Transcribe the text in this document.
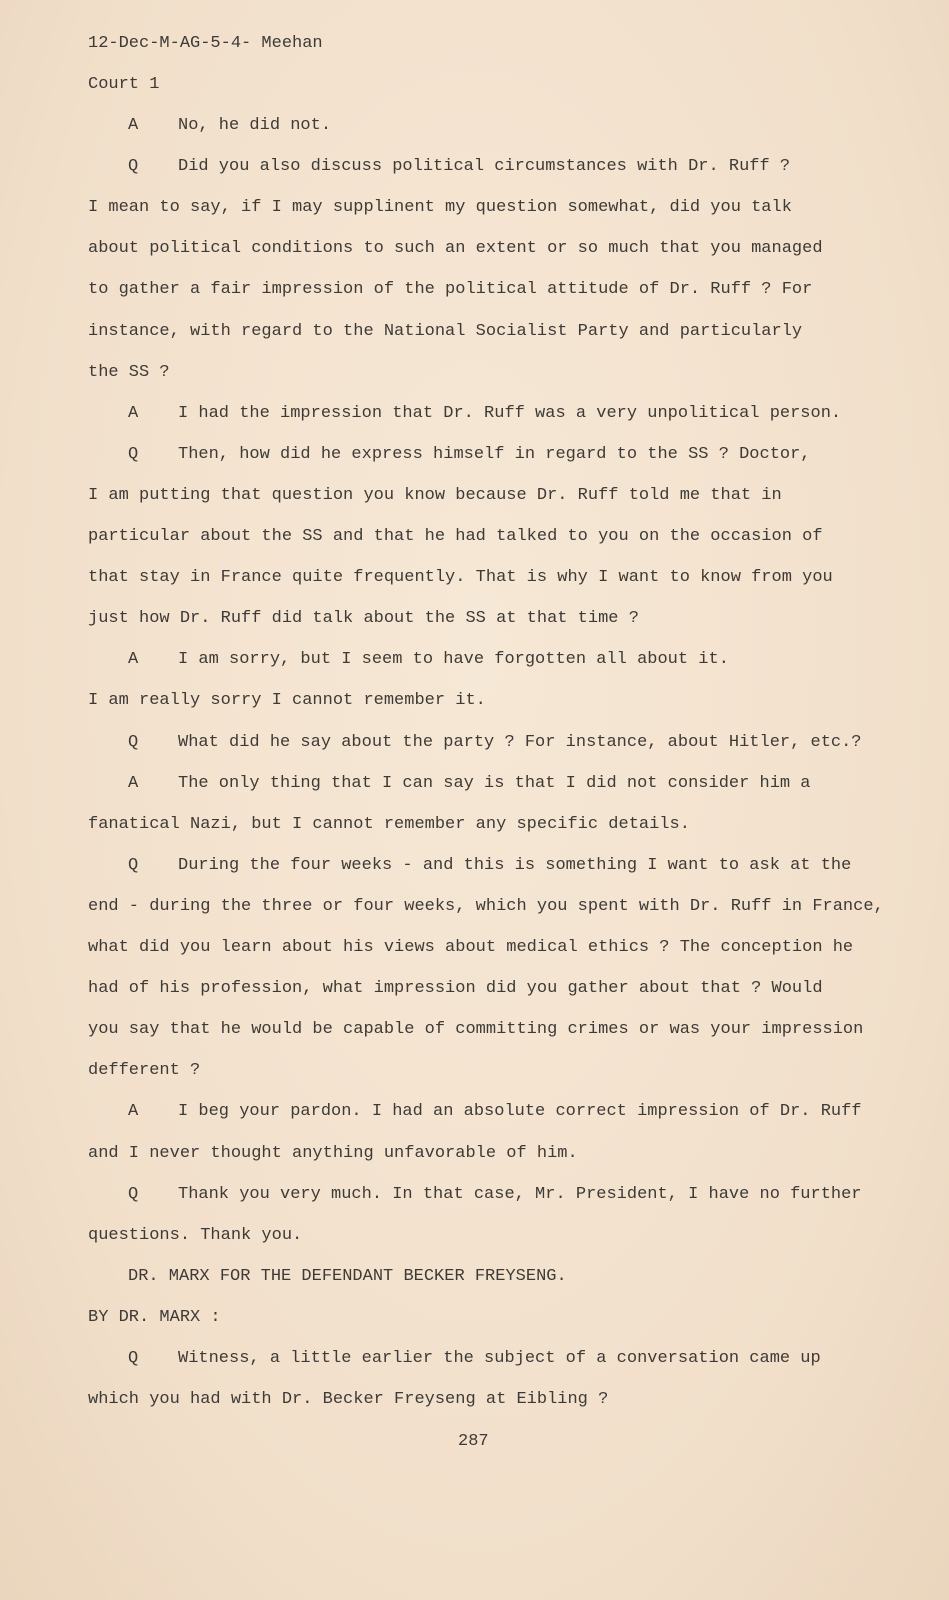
12-Dec-M-AG-5-4- Meehan
Court 1
A No, he did not.
Q Did you also discuss political circumstances with Dr. Ruff ?
I mean to say, if I may supplinent my question somewhat, did you talk
about political conditions to such an extent or so much that you managed
to gather a fair impression of the political attitude of Dr. Ruff ? For
instance, with regard to the National Socialist Party and particularly
the SS ?
A I had the impression that Dr. Ruff was a very unpolitical person.
Q Then, how did he express himself in regard to the SS ? Doctor,
I am putting that question you know because Dr. Ruff told me that in
particular about the SS and that he had talked to you on the occasion of
that stay in France quite frequently. That is why I want to know from you
just how Dr. Ruff did talk about the SS at that time ?
A I am sorry, but I seem to have forgotten all about it.
I am really sorry I cannot remember it.
Q What did he say about the party ? For instance, about Hitler, etc.?
A The only thing that I can say is that I did not consider him a
fanatical Nazi, but I cannot remember any specific details.
Q During the four weeks - and this is something I want to ask at the
end - during the three or four weeks, which you spent with Dr. Ruff in France,
what did you learn about his views about medical ethics ? The conception he
had of his profession, what impression did you gather about that ? Would
you say that he would be capable of committing crimes or was your impression
defferent ?
A I beg your pardon. I had an absolute correct impression of Dr. Ruff
and I never thought anything unfavorable of him.
Q Thank you very much. In that case, Mr. President, I have no further
questions. Thank you.
DR. MARX FOR THE DEFENDANT BECKER FREYSENG.
BY DR. MARX :
Q Witness, a little earlier the subject of a conversation came up
which you had with Dr. Becker Freyseng at Eibling ?
287
